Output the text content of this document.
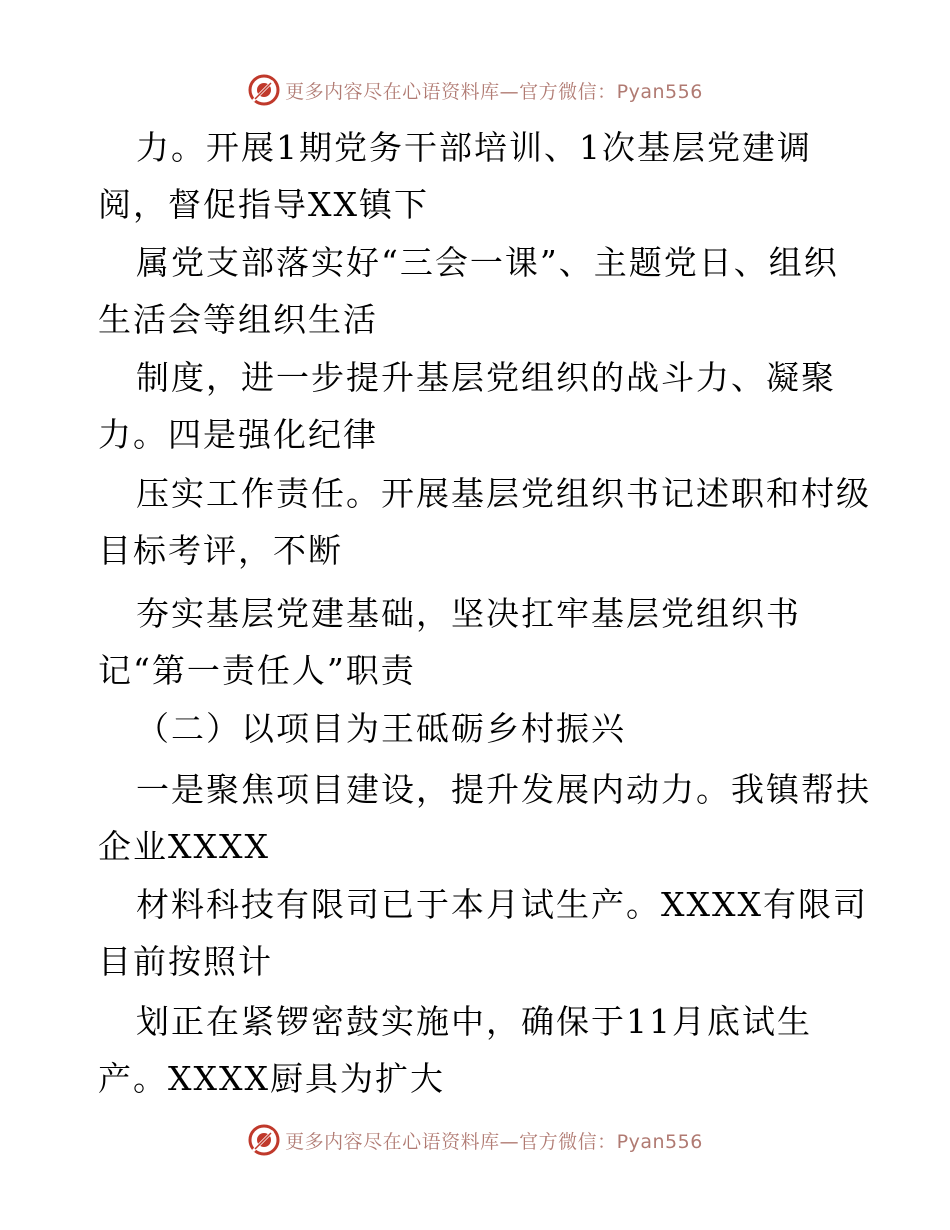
更多内容尽在心语资料库—官方微信：Pyan556
力。开展1期党务干部培训、1次基层党建调
阅，督促指导XX镇下
属党支部落实好“三会一课”、主题党日、组织
生活会等组织生活
制度，进一步提升基层党组织的战斗力、凝聚
力。四是强化纪律
压实工作责任。开展基层党组织书记述职和村级
目标考评，不断
夯实基层党建基础，坚决扛牢基层党组织书
记“第一责任人”职责
（二）以项目为王砥砺乡村振兴
一是聚焦项目建设，提升发展内动力。我镇帮扶
企业XXXX
材料科技有限司已于本月试生产。XXXX有限司
目前按照计
划正在紧锣密鼓实施中，确保于11月底试生
产。XXXX厨具为扩大
更多内容尽在心语资料库—官方微信：Pyan556
